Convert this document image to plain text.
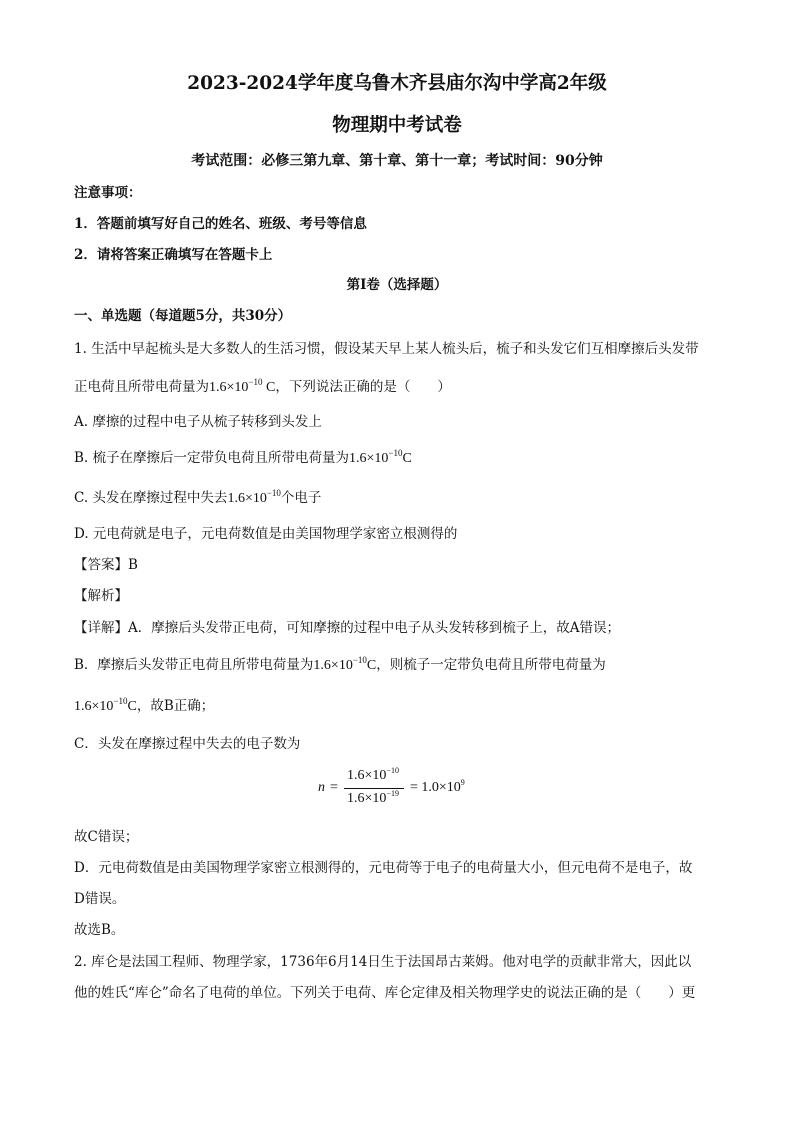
2023-2024学年度乌鲁木齐县庙尔沟中学高2年级
物理期中考试卷
考试范围：必修三第九章、第十章、第十一章；考试时间：90分钟
注意事项：
1．答题前填写好自己的姓名、班级、考号等信息
2．请将答案正确填写在答题卡上
第I卷（选择题）
一、单选题（每道题5分，共30分）
1. 生活中早起梳头是大多数人的生活习惯，假设某天早上某人梳头后，梳子和头发它们互相摩擦后头发带
正电荷且所带电荷量为$1.6\times 10^{-10}$ C，下列说法正确的是（　　）
A. 摩擦的过程中电子从梳子转移到头发上
B. 梳子在摩擦后一定带负电荷且所带电荷量为$1.6\times 10^{-10}C$
C. 头发在摩擦过程中失去$1.6\times 10^{-10}$个电子
D. 元电荷就是电子，元电荷数值是由美国物理学家密立根测得的
【答案】B
【解析】
【详解】A．摩擦后头发带正电荷，可知摩擦的过程中电子从头发转移到梳子上，故A错误；
B．摩擦后头发带正电荷且所带电荷量为$1.6\times 10^{-10}C$，则梳子一定带负电荷且所带电荷量为
$1.6\times 10^{-10}C$，故B正确；
C．头发在摩擦过程中失去的电子数为
n =
$1.6\times 10^{-10}$
$1.6\times 10^{-19} = 1.0\times 10^9$
故C错误；
D．元电荷数值是由美国物理学家密立根测得的，元电荷等于电子的电荷量大小，但元电荷不是电子，故
D错误。
故选B。
2. 库仑是法国工程师、物理学家，1736年6月14日生于法国昂古莱姆。他对电学的贡献非常大，因此以
他的姓氏“库仑”命名了电荷的单位。下列关于电荷、库仑定律及相关物理学史的说法正确的是（　　）更
